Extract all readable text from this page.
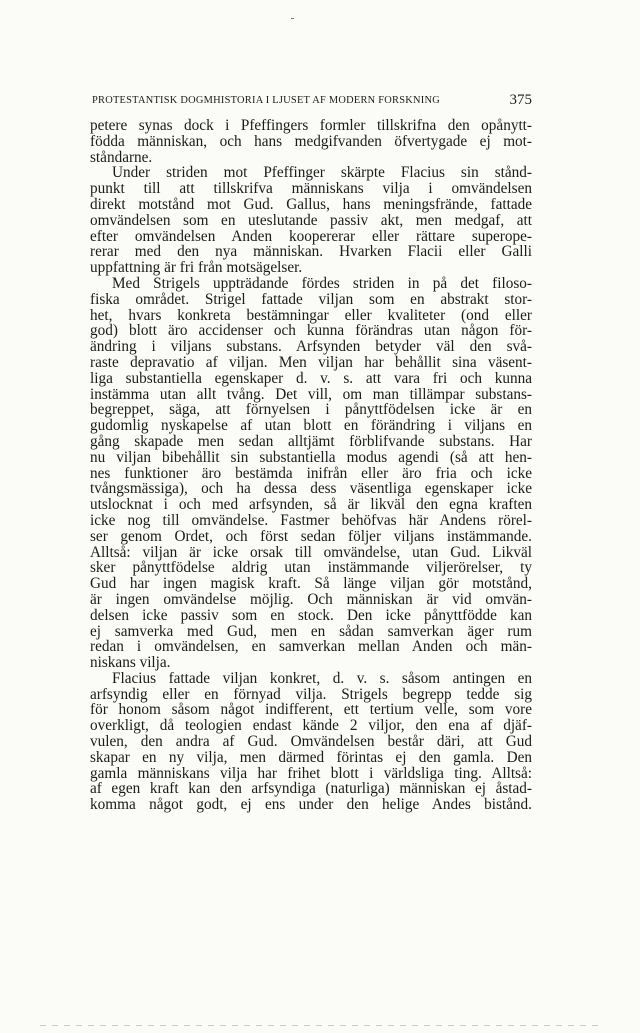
PROTESTANTISK DOGMHISTORIA I LJUSET AF MODERN FORSKNING	375
petere synas dock i Pfeffingers formler tillskrifna den opånytt-
födda människan, och hans medgifvanden öfvertygade ej mot-
ståndarne.
Under striden mot Pfeffinger skärpte Flacius sin stånd-
punkt till att tillskrifva människans vilja i omvändelsen
direkt motstånd mot Gud. Gallus, hans meningsfrände, fattade
omvändelsen som en uteslutande passiv akt, men medgaf, att
efter omvändelsen Anden koopererar eller rättare superope-
rerar med den nya människan. Hvarken Flacii eller Galli
uppfattning är fri från motsägelser.
Med Strigels uppträdande fördes striden in på det filoso-
fiska området. Strigel fattade viljan som en abstrakt stor-
het, hvars konkreta bestämningar eller kvaliteter (ond eller
god) blott äro accidenser och kunna förändras utan någon för-
ändring i viljans substans. Arfsynden betyder väl den svå-
raste depravatio af viljan. Men viljan har behållit sina väsent-
liga substantiella egenskaper d. v. s. att vara fri och kunna
instämma utan allt tvång. Det vill, om man tillämpar substans-
begreppet, säga, att förnyelsen i pånyttfödelsen icke är en
gudomlig nyskapelse af utan blott en förändring i viljans en
gång skapade men sedan alltjämt förblifvande substans. Har
nu viljan bibehållit sin substantiella modus agendi (så att hen-
nes funktioner äro bestämda inifrån eller äro fria och icke
tvångsmässiga), och ha dessa dess väsentliga egenskaper icke
utslocknat i och med arfsynden, så är likväl den egna kraften
icke nog till omvändelse. Fastmer behöfvas här Andens rörel-
ser genom Ordet, och först sedan följer viljans instämmande.
Alltså: viljan är icke orsak till omvändelse, utan Gud. Likväl
sker pånyttfödelse aldrig utan instämmande viljerörelser, ty
Gud har ingen magisk kraft. Så länge viljan gör motstånd,
är ingen omvändelse möjlig. Och människan är vid omvän-
delsen icke passiv som en stock. Den icke pånyttfödde kan
ej samverka med Gud, men en sådan samverkan äger rum
redan i omvändelsen, en samverkan mellan Anden och män-
niskans vilja.
Flacius fattade viljan konkret, d. v. s. såsom antingen en
arfsyndig eller en förnyad vilja. Strigels begrepp tedde sig
för honom såsom något indifferent, ett tertium velle, som vore
overkligt, då teologien endast kände 2 viljor, den ena af djäf-
vulen, den andra af Gud. Omvändelsen består däri, att Gud
skapar en ny vilja, men därmed förintas ej den gamla. Den
gamla människans vilja har frihet blott i världsliga ting. Alltså:
af egen kraft kan den arfsyndiga (naturliga) människan ej åstad-
komma något godt, ej ens under den helige Andes bistånd.
